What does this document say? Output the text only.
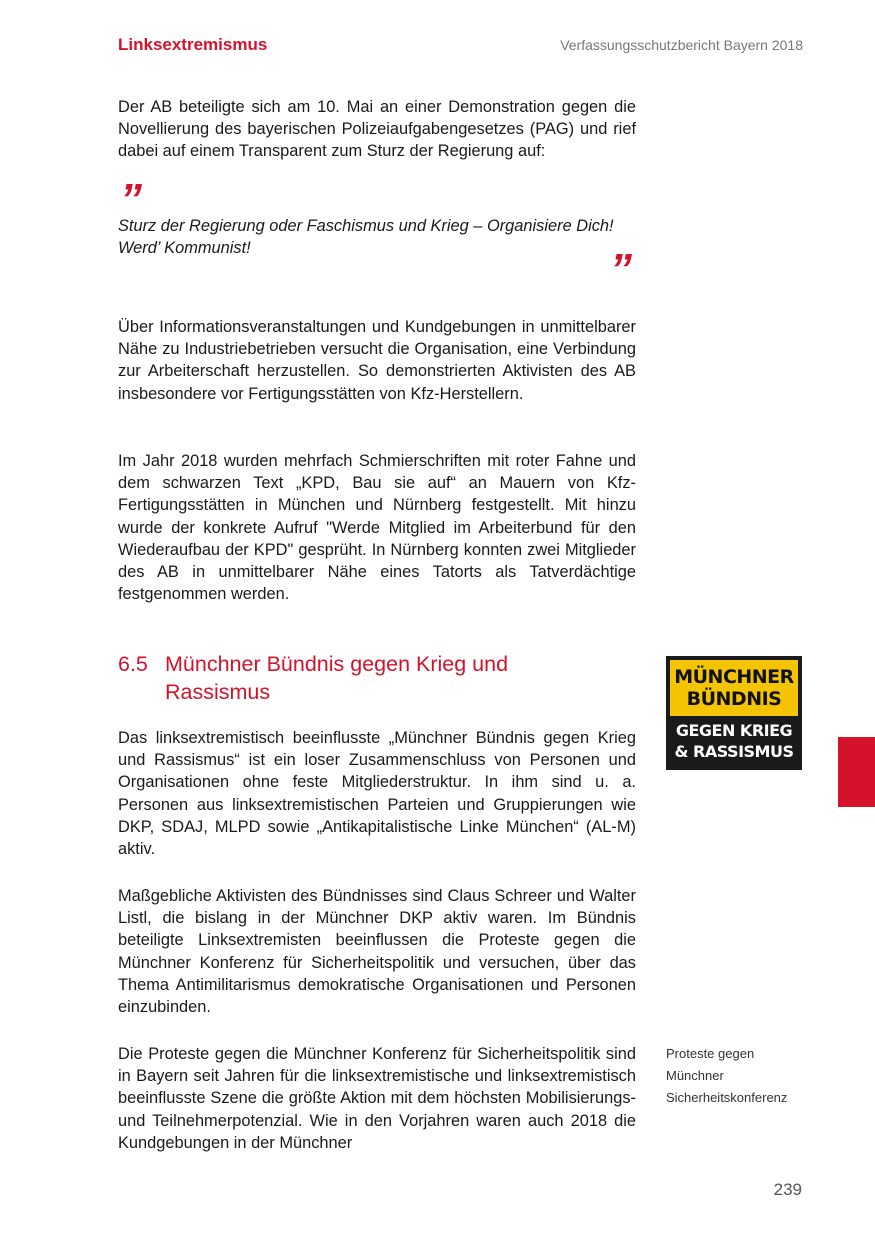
Linksextremismus	Verfassungsschutzbericht Bayern 2018
Der AB beteiligte sich am 10. Mai an einer Demonstration gegen die Novellierung des bayerischen Polizeiaufgabengesetzes (PAG) und rief dabei auf einem Transparent zum Sturz der Regierung auf:
”
Sturz der Regierung oder Faschismus und Krieg – Organisiere Dich! Werd’ Kommunist!	”
Über Informationsveranstaltungen und Kundgebungen in unmittelbarer Nähe zu Industriebetrieben versucht die Organisation, eine Verbindung zur Arbeiterschaft herzustellen. So demonstrierten Aktivisten des AB insbesondere vor Fertigungsstätten von Kfz-Herstellern.
Im Jahr 2018 wurden mehrfach Schmierschriften mit roter Fahne und dem schwarzen Text „KPD, Bau sie auf“ an Mauern von Kfz-Fertigungsstätten in München und Nürnberg festgestellt. Mit hinzu wurde der konkrete Aufruf "Werde Mitglied im Arbeiterbund für den Wiederaufbau der KPD" gesprüht. In Nürnberg konnten zwei Mitglieder des AB in unmittelbarer Nähe eines Tatorts als Tatverdächtige festgenommen werden.
6.5 Münchner Bündnis gegen Krieg und Rassismus
MÜNCHNER
BÜNDNIS
GEGEN KRIEG
& RASSISMUS
Das linksextremistisch beeinflusste „Münchner Bündnis gegen Krieg und Rassismus“ ist ein loser Zusammenschluss von Personen und Organisationen ohne feste Mitgliederstruktur. In ihm sind u. a. Personen aus linksextremistischen Parteien und Gruppierungen wie DKP, SDAJ, MLPD sowie „Antikapitalistische Linke München“ (AL-M) aktiv.
Maßgebliche Aktivisten des Bündnisses sind Claus Schreer und Walter Listl, die bislang in der Münchner DKP aktiv waren. Im Bündnis beteiligte Linksextremisten beeinflussen die Proteste gegen die Münchner Konferenz für Sicherheitspolitik und versuchen, über das Thema Antimilitarismus demokratische Organisationen und Personen einzubinden.
Die Proteste gegen die Münchner Konferenz für Sicherheitspolitik sind in Bayern seit Jahren für die linksextremistische und linksextremistisch beeinflusste Szene die größte Aktion mit dem höchsten Mobilisierungs- und Teilnehmerpotenzial. Wie in den Vorjahren waren auch 2018 die Kundgebungen in der Münchner
Proteste gegen Münchner Sicherheitskonferenz
239
